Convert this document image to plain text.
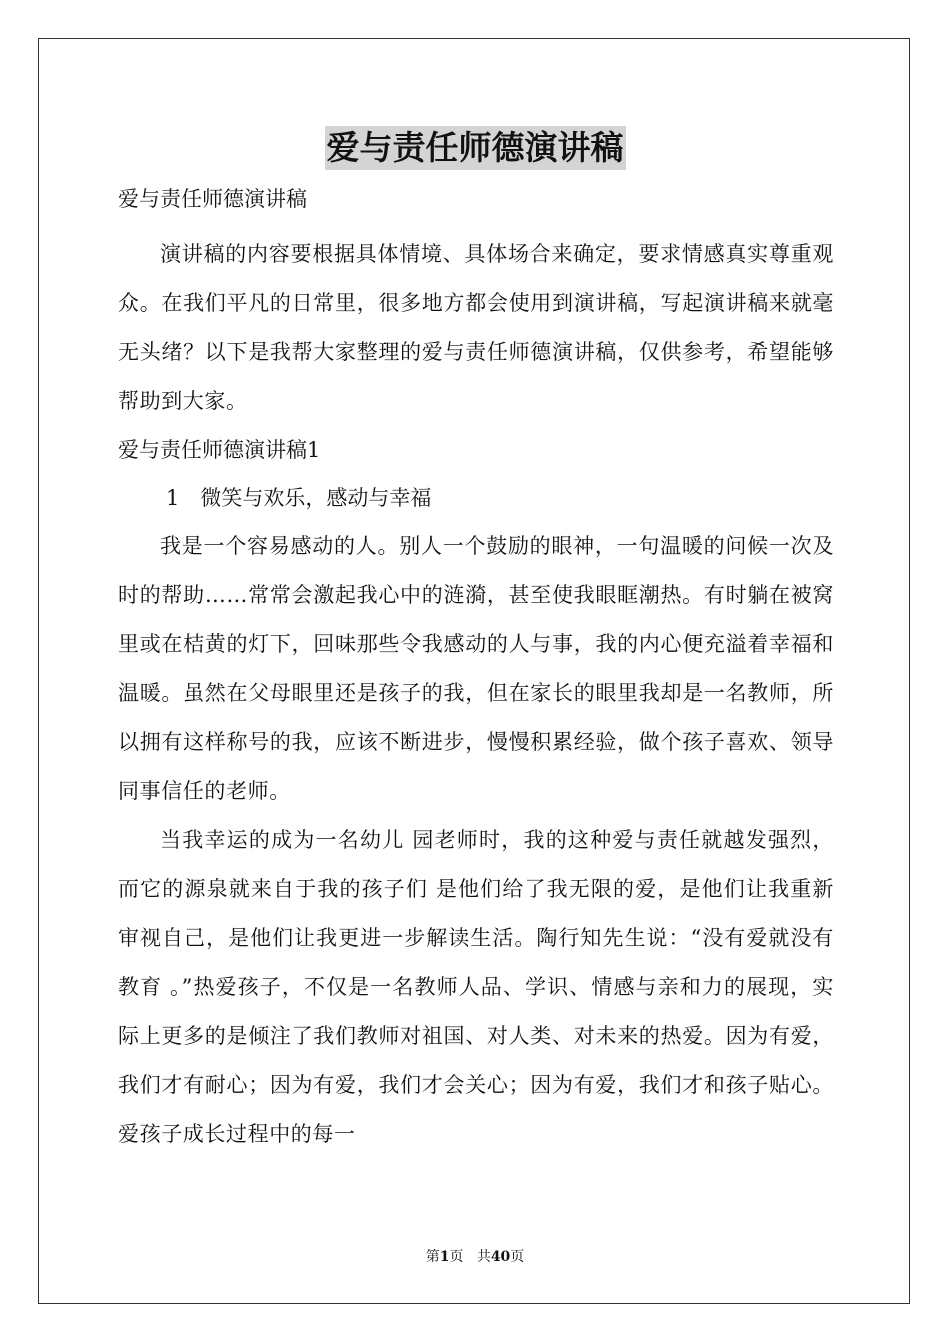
爱与责任师德演讲稿

爱与责任师德演讲稿

演讲稿的内容要根据具体情境、具体场合来确定，要求情感真实尊重观众。在我们平凡的日常里，很多地方都会使用到演讲稿，写起演讲稿来就毫无头绪？以下是我帮大家整理的爱与责任师德演讲稿，仅供参考，希望能够帮助到大家。

爱与责任师德演讲稿1

1　微笑与欢乐，感动与幸福

我是一个容易感动的人。别人一个鼓励的眼神，一句温暖的问候一次及时的帮助……常常会激起我心中的涟漪，甚至使我眼眶潮热。有时躺在被窝里或在桔黄的灯下，回味那些令我感动的人与事，我的内心便充溢着幸福和温暖。虽然在父母眼里还是孩子的我，但在家长的眼里我却是一名教师，所以拥有这样称号的我，应该不断进步，慢慢积累经验，做个孩子喜欢、领导同事信任的老师。

当我幸运的成为一名幼儿 园老师时，我的这种爱与责任就越发强烈，而它的源泉就来自于我的孩子们 是他们给了我无限的爱，是他们让我重新审视自己，是他们让我更进一步解读生活。陶行知先生说：“没有爱就没有教育 。”热爱孩子，不仅是一名教师人品、学识、情感与亲和力的展现，实际上更多的是倾注了我们教师对祖国、对人类、对未来的热爱。因为有爱，我们才有耐心；因为有爱，我们才会关心；因为有爱，我们才和孩子贴心。爱孩子成长过程中的每一

第1页 共40页
